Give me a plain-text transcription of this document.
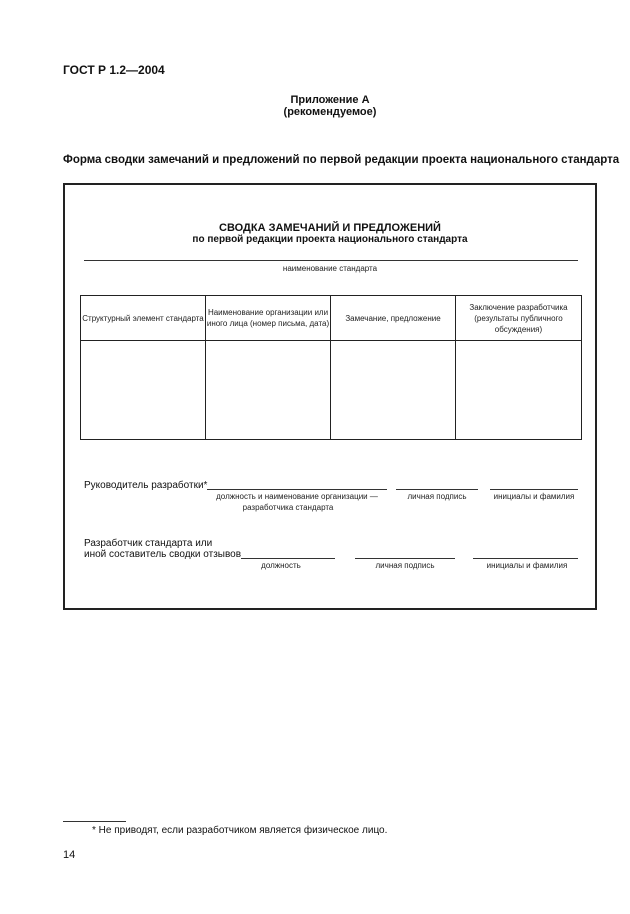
ГОСТ Р 1.2—2004
Приложение А
(рекомендуемое)
Форма сводки замечаний и предложений по первой редакции проекта национального стандарта
СВОДКА ЗАМЕЧАНИЙ И ПРЕДЛОЖЕНИЙ
по первой редакции проекта национального стандарта
наименование стандарта
Структурный элемент стандарта	Наименование организации или иного лица (номер письма, дата)	Замечание, предложение	Заключение разработчика (результаты публичного обсуждения)

Руководитель разработки*
должность и наименование организации —
разработчика стандарта
личная подпись	инициалы и фамилия
Разработчик стандарта или
иной составитель сводки отзывов
должность	личная подпись	инициалы и фамилия
* Не приводят, если разработчиком является физическое лицо.
14
